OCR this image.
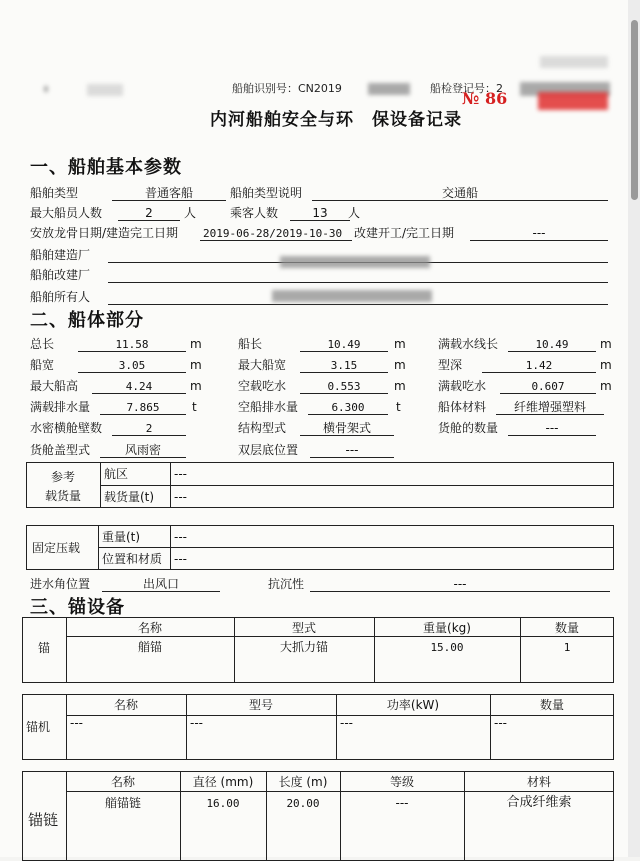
船舶识别号：CN2019	船检登记号：2
№ 86
内河船舶安全与环 保设备记录
一、船舶基本参数
船舶类型	普通客船	船舶类型说明	交通船
最大船员人数	2	人	乘客人数	13	人
安放龙骨日期/建造完工日期 2019-06-28/2019-10-30 改建开工/完工日期	---
船舶建造厂
船舶改建厂
船舶所有人
二、船体部分
总长	11.58	m	船长	10.49	m	满载水线长	10.49	m
船宽	3.05	m	最大船宽	3.15	m	型深	1.42	m
最大船高	4.24	m	空载吃水	0.553	m	满载吃水	0.607	m
满载排水量	7.865	t	空船排水量	6.300	t	船体材料	纤维增强塑料
水密横舱壁数	2	结构型式	横骨架式	货舱的数量	---
货舱盖型式	风雨密	双层底位置	---
参考
载货量
航区	---
载货量(t) ---
固定压载
重量(t)	---
位置和材质 ---
进水角位置	出风口	抗沉性	---
三、锚设备
锚
名称	型式	重量(kg)	数量
艏锚	大抓力锚	15.00	1
锚机
名称	型号	功率(kW)	数量
---	---	---	---
锚链
名称	直径 (mm)	长度 (m)	等级	材料
艏锚链	16.00	20.00	---	合成纤维索
